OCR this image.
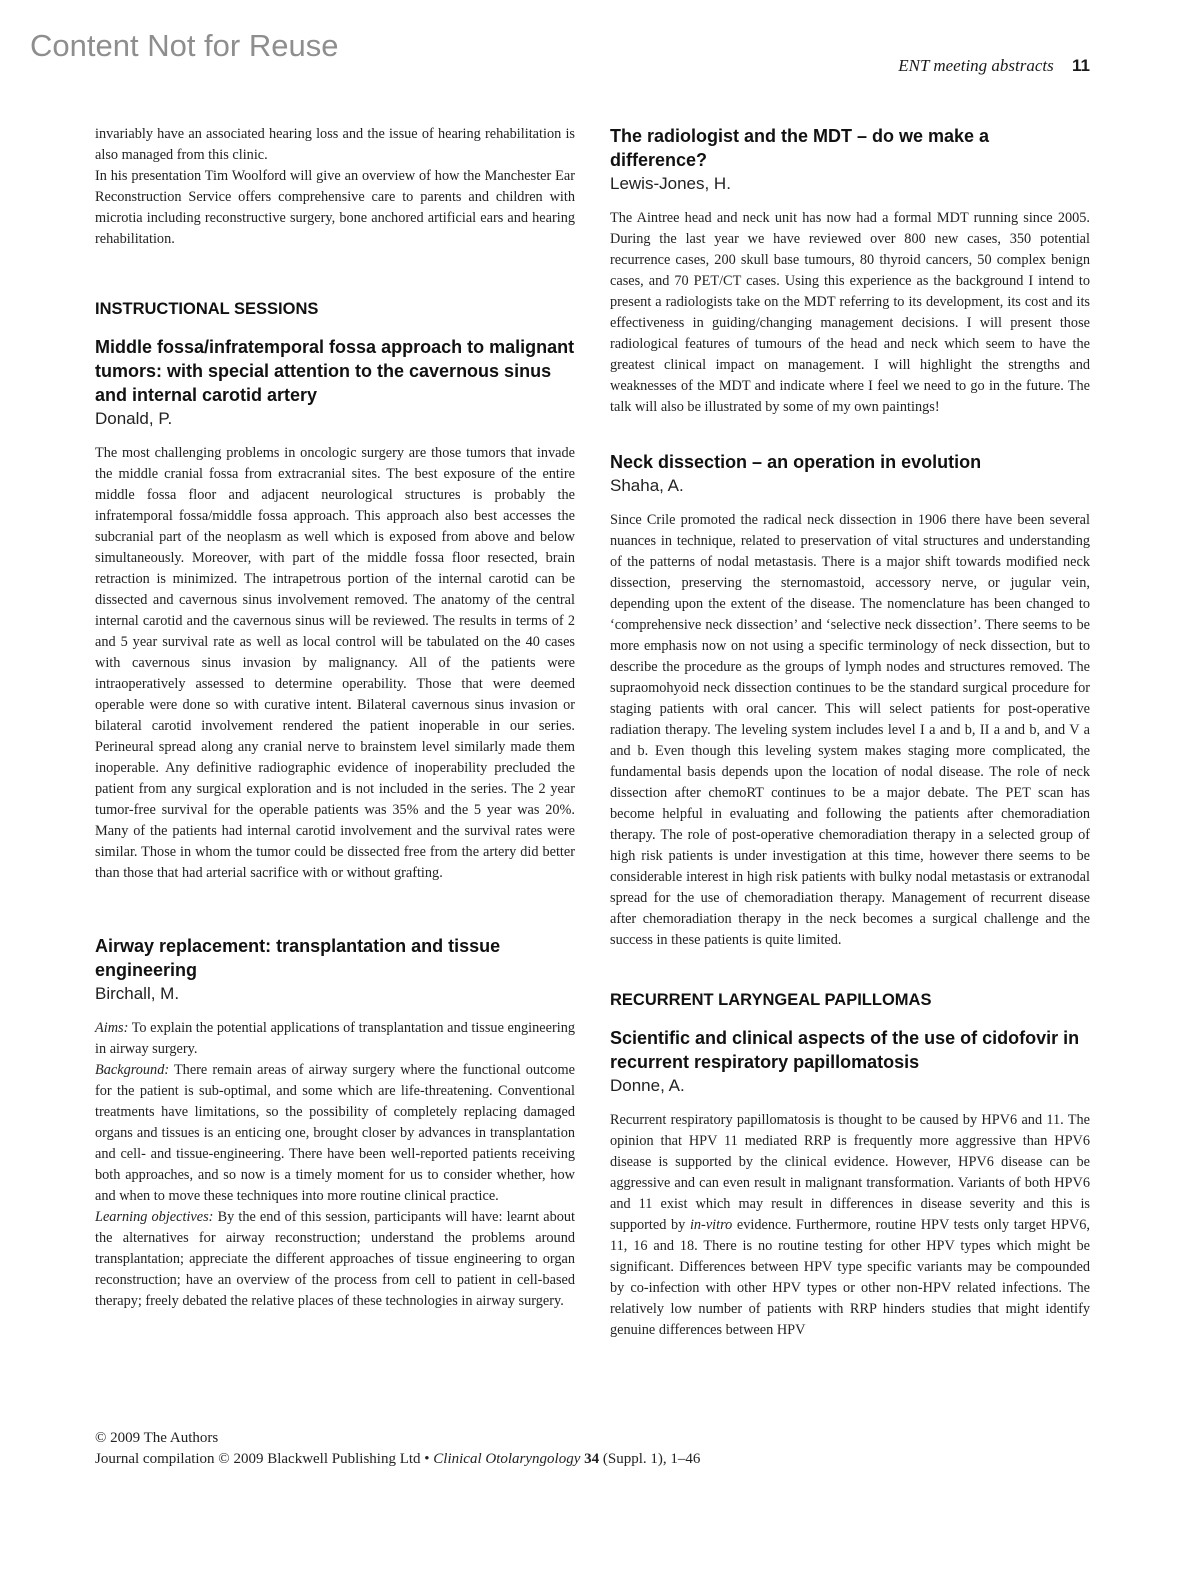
Content Not for Reuse
ENT meeting abstracts 11

invariably have an associated hearing loss and the issue of hearing rehabilitation is also managed from this clinic.

In his presentation Tim Woolford will give an overview of how the Manchester Ear Reconstruction Service offers comprehensive care to parents and children with microtia including reconstructive surgery, bone anchored artificial ears and hearing rehabilitation.

INSTRUCTIONAL SESSIONS
Middle fossa/infratemporal fossa approach to malignant tumors: with special attention to the cavernous sinus and internal carotid artery

Donald, P.

The most challenging problems in oncologic surgery are those tumors that invade the middle cranial fossa from extracranial sites. The best exposure of the entire middle fossa floor and adjacent neurological structures is probably the infratemporal fossa/middle fossa approach. This approach also best accesses the subcranial part of the neoplasm as well which is exposed from above and below simultaneously. Moreover, with part of the middle fossa floor resected, brain retraction is minimized. The intrapetrous portion of the internal carotid can be dissected and cavernous sinus involvement removed. The anatomy of the central internal carotid and the cavernous sinus will be reviewed. The results in terms of 2 and 5 year survival rate as well as local control will be tabulated on the 40 cases with cavernous sinus invasion by malignancy. All of the patients were intraoperatively assessed to determine operability. Those that were deemed operable were done so with curative intent. Bilateral cavernous sinus invasion or bilateral carotid involvement rendered the patient inoperable in our series. Perineural spread along any cranial nerve to brainstem level similarly made them inoperable. Any definitive radiographic evidence of inoperability precluded the patient from any surgical exploration and is not included in the series. The 2 year tumor-free survival for the operable patients was 35% and the 5 year was 20%. Many of the patients had internal carotid involvement and the survival rates were similar. Those in whom the tumor could be dissected free from the artery did better than those that had arterial sacrifice with or without grafting.

Airway replacement: transplantation and tissue engineering

Birchall, M.

Aims: To explain the potential applications of transplantation and tissue engineering in airway surgery.

Background: There remain areas of airway surgery where the functional outcome for the patient is sub-optimal, and some which are life-threatening. Conventional treatments have limitations, so the possibility of completely replacing damaged organs and tissues is an enticing one, brought closer by advances in transplantation and cell- and tissue-engineering. There have been well-reported patients receiving both approaches, and so now is a timely moment for us to consider whether, how and when to move these techniques into more routine clinical practice.

Learning objectives: By the end of this session, participants will have: learnt about the alternatives for airway reconstruction; understand the problems around transplantation; appreciate the different approaches of tissue engineering to organ reconstruction; have an overview of the process from cell to patient in cell-based therapy; freely debated the relative places of these technologies in airway surgery.

The radiologist and the MDT – do we make a difference?

Lewis-Jones, H.

The Aintree head and neck unit has now had a formal MDT running since 2005. During the last year we have reviewed over 800 new cases, 350 potential recurrence cases, 200 skull base tumours, 80 thyroid cancers, 50 complex benign cases, and 70 PET/CT cases. Using this experience as the background I intend to present a radiologists take on the MDT referring to its development, its cost and its effectiveness in guiding/changing management decisions. I will present those radiological features of tumours of the head and neck which seem to have the greatest clinical impact on management. I will highlight the strengths and weaknesses of the MDT and indicate where I feel we need to go in the future. The talk will also be illustrated by some of my own paintings!

Neck dissection – an operation in evolution

Shaha, A.

Since Crile promoted the radical neck dissection in 1906 there have been several nuances in technique, related to preservation of vital structures and understanding of the patterns of nodal metastasis. There is a major shift towards modified neck dissection, preserving the sternomastoid, accessory nerve, or jugular vein, depending upon the extent of the disease. The nomenclature has been changed to ‘comprehensive neck dissection’ and ‘selective neck dissection’. There seems to be more emphasis now on not using a specific terminology of neck dissection, but to describe the procedure as the groups of lymph nodes and structures removed. The supraomohyoid neck dissection continues to be the standard surgical procedure for staging patients with oral cancer. This will select patients for post-operative radiation therapy. The leveling system includes level I a and b, II a and b, and V a and b. Even though this leveling system makes staging more complicated, the fundamental basis depends upon the location of nodal disease. The role of neck dissection after chemoRT continues to be a major debate. The PET scan has become helpful in evaluating and following the patients after chemoradiation therapy. The role of post-operative chemoradiation therapy in a selected group of high risk patients is under investigation at this time, however there seems to be considerable interest in high risk patients with bulky nodal metastasis or extranodal spread for the use of chemoradiation therapy. Management of recurrent disease after chemoradiation therapy in the neck becomes a surgical challenge and the success in these patients is quite limited.

RECURRENT LARYNGEAL PAPILLOMAS
Scientific and clinical aspects of the use of cidofovir in recurrent respiratory papillomatosis

Donne, A.

Recurrent respiratory papillomatosis is thought to be caused by HPV6 and 11. The opinion that HPV 11 mediated RRP is frequently more aggressive than HPV6 disease is supported by the clinical evidence. However, HPV6 disease can be aggressive and can even result in malignant transformation. Variants of both HPV6 and 11 exist which may result in differences in disease severity and this is supported by in-vitro evidence. Furthermore, routine HPV tests only target HPV6, 11, 16 and 18. There is no routine testing for other HPV types which might be significant. Differences between HPV type specific variants may be compounded by co-infection with other HPV types or other non-HPV related infections. The relatively low number of patients with RRP hinders studies that might identify genuine differences between HPV

© 2009 The Authors
Journal compilation © 2009 Blackwell Publishing Ltd • Clinical Otolaryngology 34 (Suppl. 1), 1–46
